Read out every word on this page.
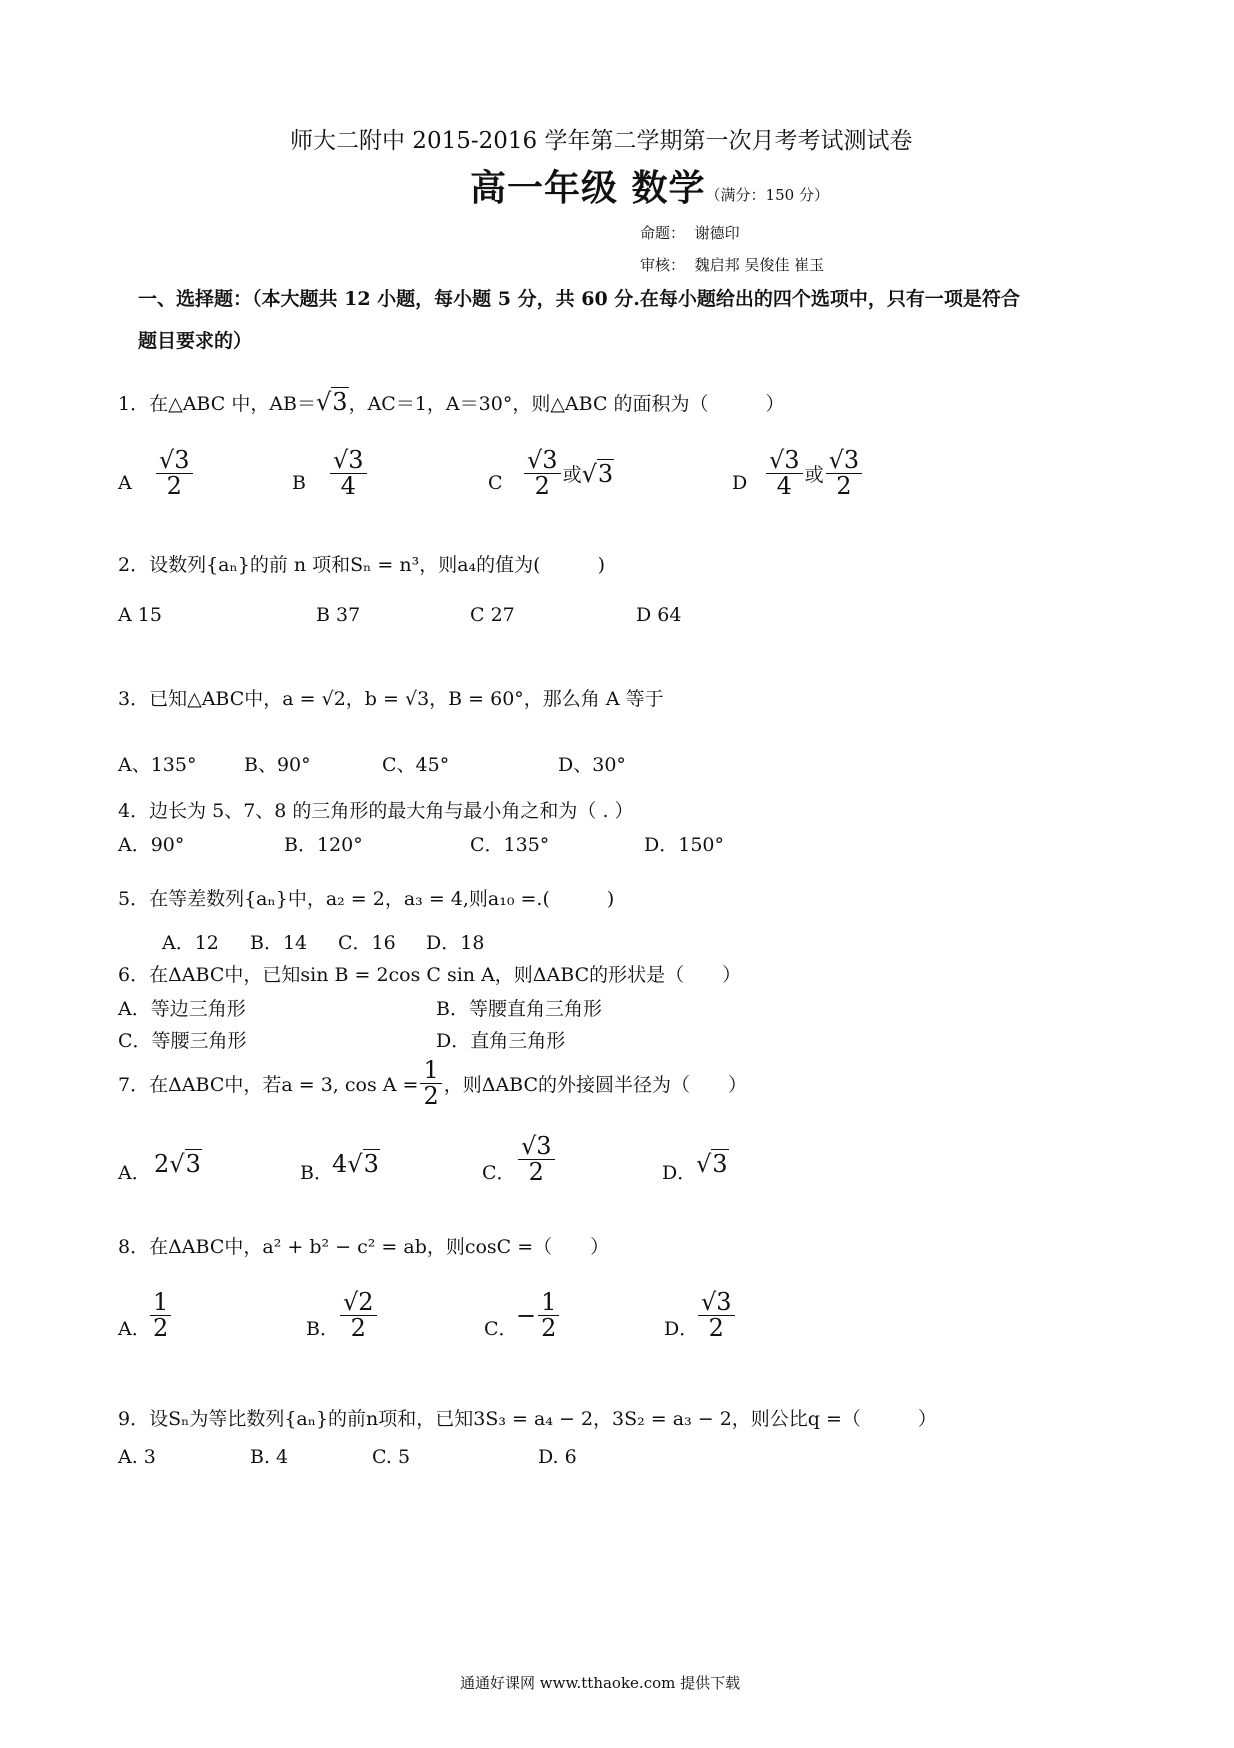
师大二附中 2015-2016 学年第二学期第一次月考考试测试卷
高一年级 数学（满分：150 分）
命题： 谢德印
审核： 魏启邦 吴俊佳 崔玉
一、选择题：（本大题共 12 小题，每小题 5 分，共 60 分.在每小题给出的四个选项中，只有一项是符合
题目要求的）
1．在△ABC 中，AB＝√3，AC＝1，A＝30°，则△ABC 的面积为（　　　）
A $\frac{√3}{2}$	B $\frac{√3}{4}$	C $\frac{√3}{2}$ 或√3	D $\frac{√3}{4}$ 或 $\frac{√3}{2}$
2．设数列{aₙ}的前 n 项和Sₙ = n³，则a₄的值为(　　　)
A 15	B 37	C 27	D 64
3．已知△ABC中，a = √2，b = √3，B = 60°，那么角 A 等于
A、135°	B、90°	C、45°	D、30°
4．边长为 5、7、8 的三角形的最大角与最小角之和为（ . ）
A．90°	B．120°	C．135°	D．150°
5．在等差数列{aₙ}中，a₂ = 2，a₃ = 4,则a₁₀ =.(　　　)
A．12 B．14 C．16 D．18
6．在ΔABC中，已知sin B = 2cos C sin A，则ΔABC的形状是（　　）
A．等边三角形	B．等腰直角三角形
C．等腰三角形	D．直角三角形
7．在ΔABC中，若a = 3, $\cos A = \frac{1}{2}$ ，则ΔABC的外接圆半径为（　　）
A． 2√3	B． 4√3	C． $\frac{√3}{2}$	D． √3
8．在ΔABC中，a² + b² − c² = ab，则cosC =（　　）
A． $\frac{1}{2}$	B． $\frac{√2}{2}$	C．
− $\frac{1}{2}$	D． $\frac{√3}{2}$
9．设Sₙ为等比数列{aₙ}的前n项和，已知3S₃ = a₄ − 2，3S₂ = a₃ − 2，则公比q =（　　　）
A. 3	B. 4	C. 5	D. 6
通通好课网 www.tthaoke.com 提供下载
